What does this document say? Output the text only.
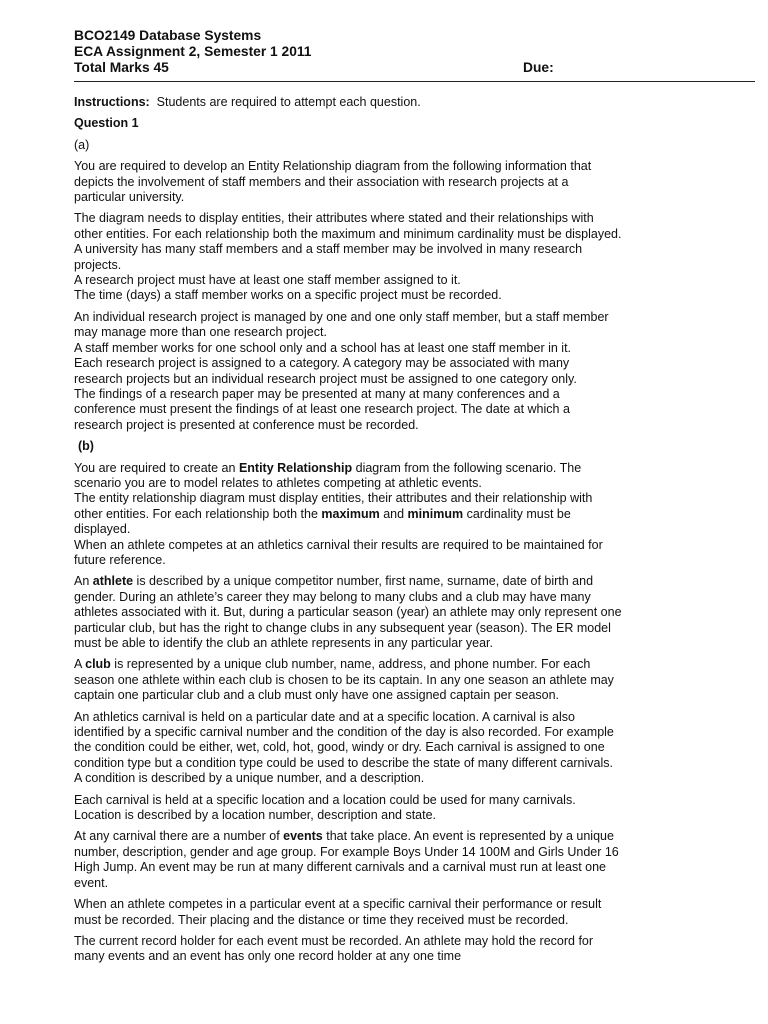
BCO2149 Database Systems
ECA Assignment 2, Semester 1 2011
Total Marks 45	Due:

Instructions: Students are required to attempt each question.

Question 1

(a)

You are required to develop an Entity Relationship diagram from the following information that
depicts the involvement of staff members and their association with research projects at a
particular university.

The diagram needs to display entities, their attributes where stated and their relationships with
other entities. For each relationship both the maximum and minimum cardinality must be displayed.
A university has many staff members and a staff member may be involved in many research
projects.
A research project must have at least one staff member assigned to it.
The time (days) a staff member works on a specific project must be recorded.

An individual research project is managed by one and one only staff member, but a staff member
may manage more than one research project.
A staff member works for one school only and a school has at least one staff member in it.
Each research project is assigned to a category. A category may be associated with many
research projects but an individual research project must be assigned to one category only.
The findings of a research paper may be presented at many at many conferences and a
conference must present the findings of at least one research project. The date at which a
research project is presented at conference must be recorded.

(b)

You are required to create an Entity Relationship diagram from the following scenario. The
scenario you are to model relates to athletes competing at athletic events.
The entity relationship diagram must display entities, their attributes and their relationship with
other entities. For each relationship both the maximum and minimum cardinality must be
displayed.
When an athlete competes at an athletics carnival their results are required to be maintained for
future reference.

An athlete is described by a unique competitor number, first name, surname, date of birth and
gender. During an athlete’s career they may belong to many clubs and a club may have many
athletes associated with it. But, during a particular season (year) an athlete may only represent one
particular club, but has the right to change clubs in any subsequent year (season). The ER model
must be able to identify the club an athlete represents in any particular year.

A club is represented by a unique club number, name, address, and phone number. For each
season one athlete within each club is chosen to be its captain. In any one season an athlete may
captain one particular club and a club must only have one assigned captain per season.

An athletics carnival is held on a particular date and at a specific location. A carnival is also
identified by a specific carnival number and the condition of the day is also recorded. For example
the condition could be either, wet, cold, hot, good, windy or dry. Each carnival is assigned to one
condition type but a condition type could be used to describe the state of many different carnivals.
A condition is described by a unique number, and a description.

Each carnival is held at a specific location and a location could be used for many carnivals.
Location is described by a location number, description and state.

At any carnival there are a number of events that take place. An event is represented by a unique
number, description, gender and age group. For example Boys Under 14 100M and Girls Under 16
High Jump. An event may be run at many different carnivals and a carnival must run at least one
event.

When an athlete competes in a particular event at a specific carnival their performance or result
must be recorded. Their placing and the distance or time they received must be recorded.

The current record holder for each event must be recorded. An athlete may hold the record for
many events and an event has only one record holder at any one time
